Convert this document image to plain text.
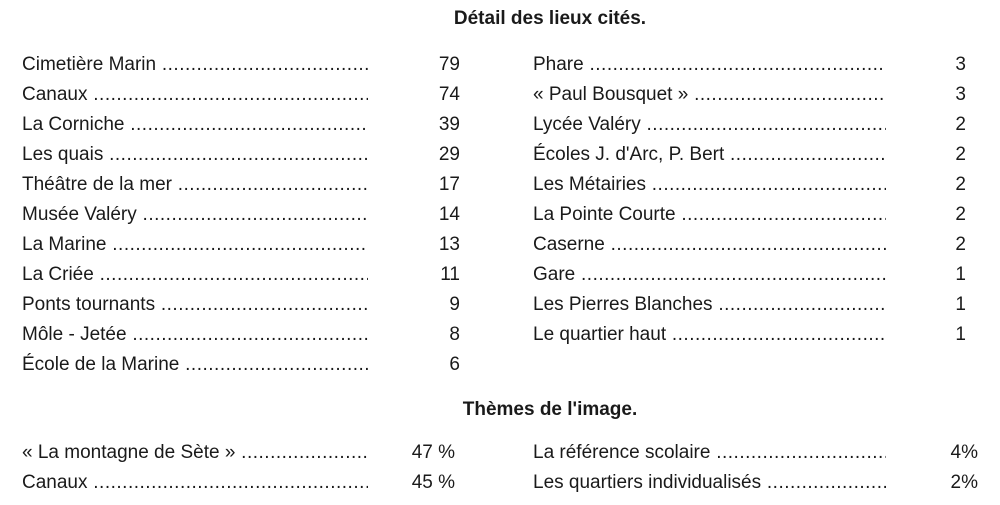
Détail des lieux cités.
Cimetière Marin .....	79
Canaux .....	74
La Corniche .....	39
Les quais .....	29
Théâtre de la mer .....	17
Musée Valéry .....	14
La Marine .....	13
La Criée .....	11
Ponts tournants .....	9
Môle - Jetée .....	8
École de la Marine .....	6
Phare .....	3
« Paul Bousquet » .....	3
Lycée Valéry .....	2
Écoles J. d'Arc, P. Bert .....	2
Les Métairies .....	2
La Pointe Courte .....	2
Caserne .....	2
Gare .....	1
Les Pierres Blanches .....	1
Le quartier haut .....	1
Thèmes de l'image.
« La montagne de Sète » .....	47 %
Canaux .....	45 %
La référence scolaire .....	4%
Les quartiers individualisés .....	2%
